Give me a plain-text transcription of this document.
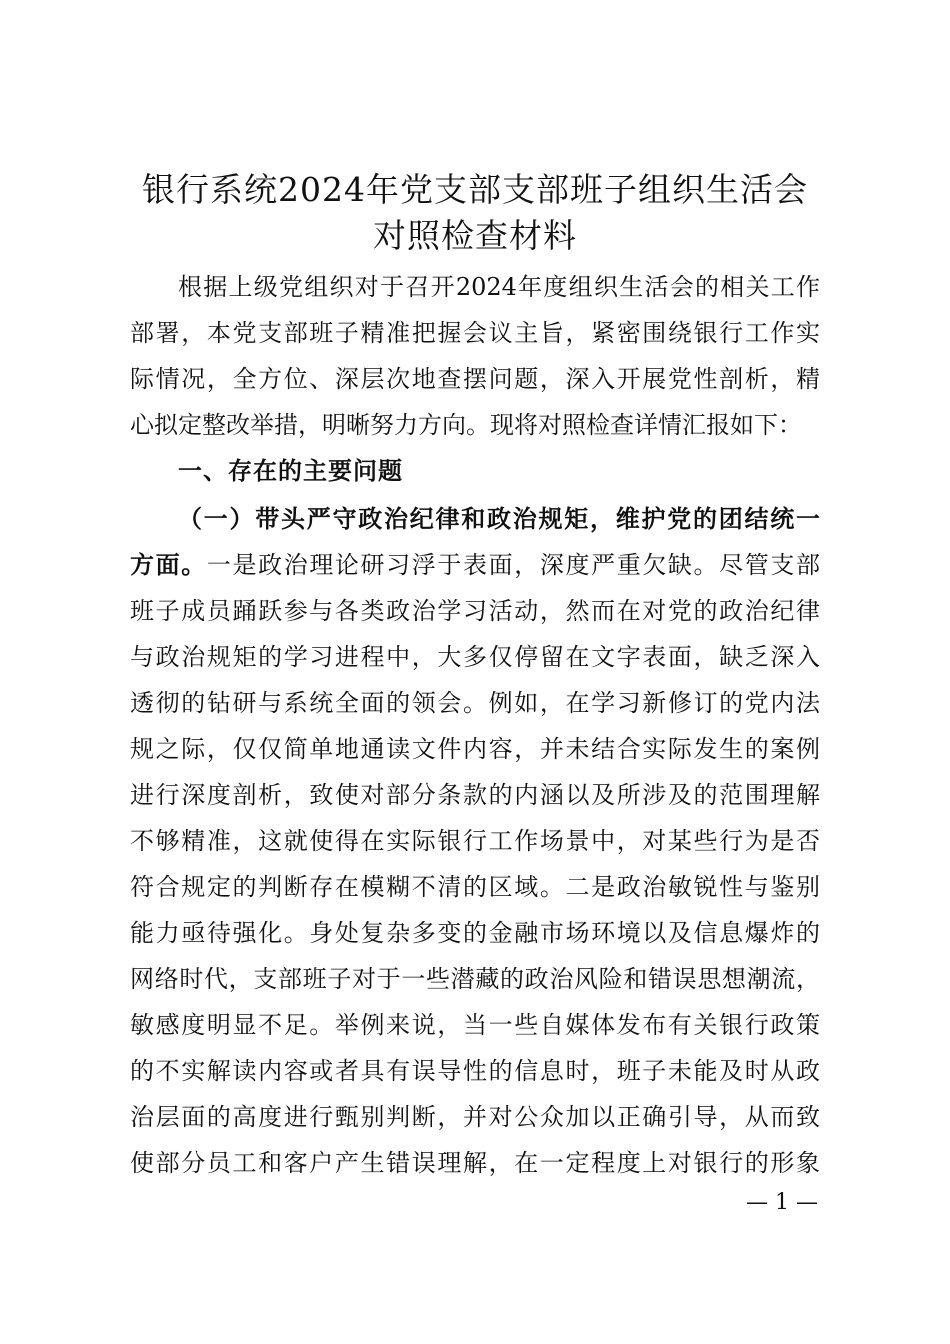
银行系统2024年党支部支部班子组织生活会
对照检查材料
根据上级党组织对于召开2024年度组织生活会的相关工作
部署，本党支部班子精准把握会议主旨，紧密围绕银行工作实
际情况，全方位、深层次地查摆问题，深入开展党性剖析，精
心拟定整改举措，明晰努力方向。现将对照检查详情汇报如下：
一、存在的主要问题
（一）带头严守政治纪律和政治规矩，维护党的团结统一
方面。一是政治理论研习浮于表面，深度严重欠缺。尽管支部
班子成员踊跃参与各类政治学习活动，然而在对党的政治纪律
与政治规矩的学习进程中，大多仅停留在文字表面，缺乏深入
透彻的钻研与系统全面的领会。例如，在学习新修订的党内法
规之际，仅仅简单地通读文件内容，并未结合实际发生的案例
进行深度剖析，致使对部分条款的内涵以及所涉及的范围理解
不够精准，这就使得在实际银行工作场景中，对某些行为是否
符合规定的判断存在模糊不清的区域。二是政治敏锐性与鉴别
能力亟待强化。身处复杂多变的金融市场环境以及信息爆炸的
网络时代，支部班子对于一些潜藏的政治风险和错误思想潮流，
敏感度明显不足。举例来说，当一些自媒体发布有关银行政策
的不实解读内容或者具有误导性的信息时，班子未能及时从政
治层面的高度进行甄别判断，并对公众加以正确引导，从而致
使部分员工和客户产生错误理解，在一定程度上对银行的形象
— 1 —
